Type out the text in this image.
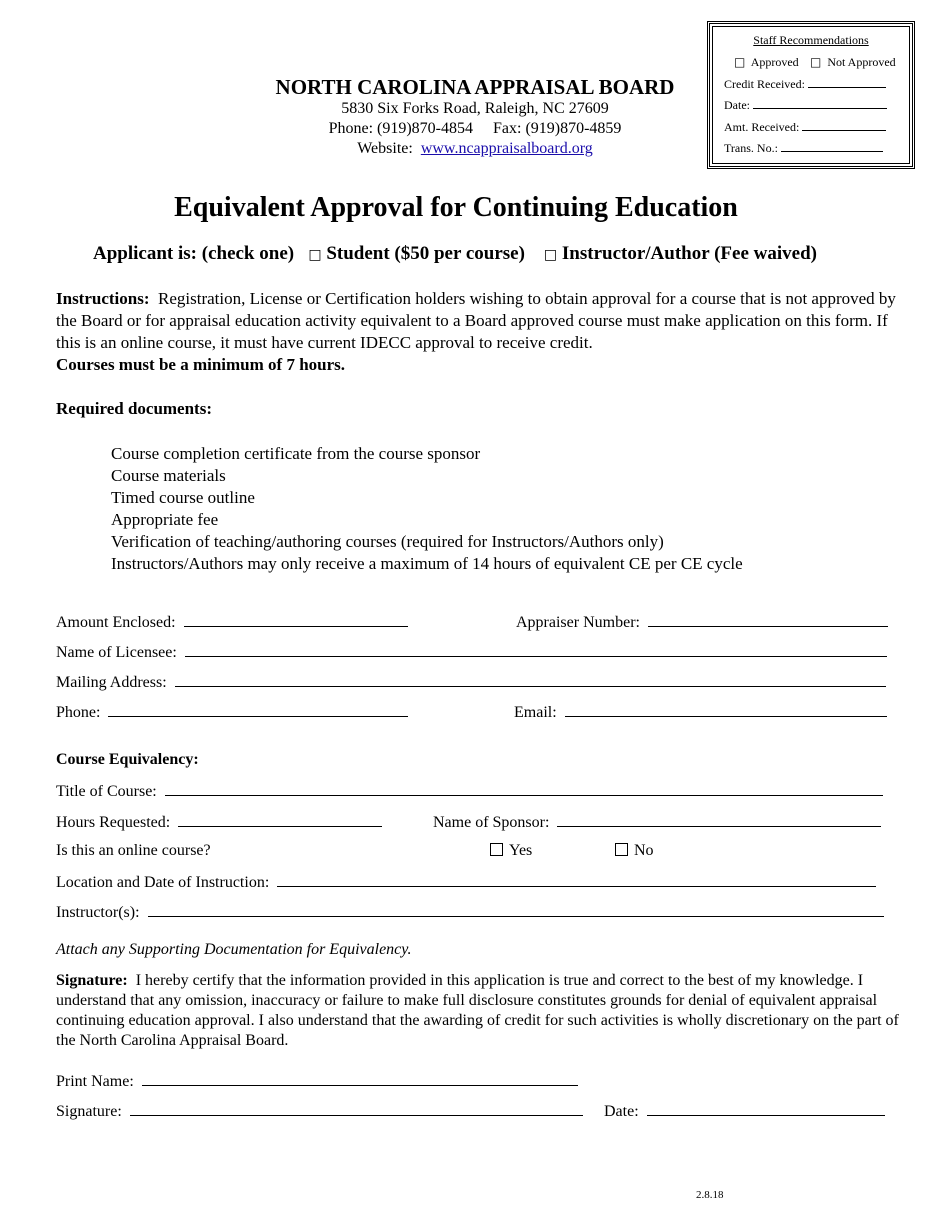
Staff Recommendations
□ Approved □ Not Approved
Credit Received:
Date:
Amt. Received:
Trans. No.:
NORTH CAROLINA APPRAISAL BOARD
5830 Six Forks Road, Raleigh, NC 27609
Phone: (919)870-4854 Fax: (919)870-4859
Website: www.ncappraisalboard.org
Equivalent Approval for Continuing Education
Applicant is: (check one) □ Student ($50 per course) □ Instructor/Author (Fee waived)
Instructions: Registration, License or Certification holders wishing to obtain approval for a course that is not approved by the Board or for appraisal education activity equivalent to a Board approved course must make application on this form. If this is an online course, it must have current IDECC approval to receive credit.
Courses must be a minimum of 7 hours.
Required documents:
Course completion certificate from the course sponsor
Course materials
Timed course outline
Appropriate fee
Verification of teaching/authoring courses (required for Instructors/Authors only)
Instructors/Authors may only receive a maximum of 14 hours of equivalent CE per CE cycle
Amount Enclosed:	Appraiser Number:
Name of Licensee:
Mailing Address:
Phone:	Email:
Course Equivalency:
Title of Course:
Hours Requested:	Name of Sponsor:
Is this an online course?	Yes	No
Location and Date of Instruction:
Instructor(s):
Attach any Supporting Documentation for Equivalency.
Signature: I hereby certify that the information provided in this application is true and correct to the best of my knowledge. I understand that any omission, inaccuracy or failure to make full disclosure constitutes grounds for denial of equivalent appraisal continuing education approval. I also understand that the awarding of credit for such activities is wholly discretionary on the part of the North Carolina Appraisal Board.
Print Name:
Signature:	Date:
2.8.18
